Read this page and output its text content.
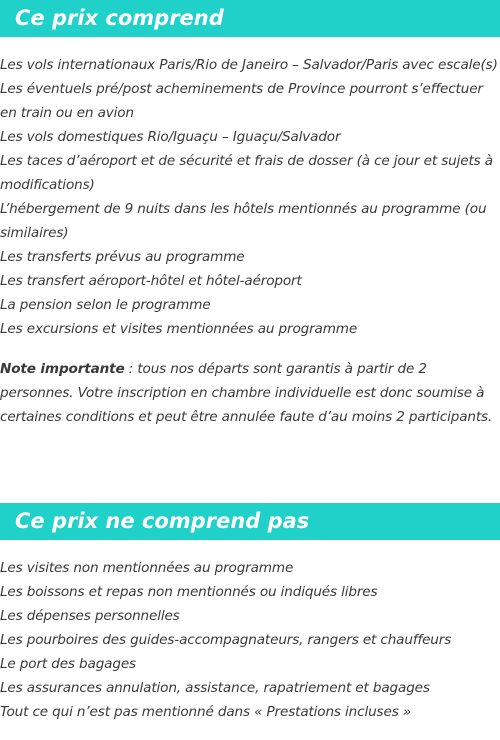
Ce prix comprend
Les vols internationaux Paris/Rio de Janeiro – Salvador/Paris avec escale(s)
Les éventuels pré/post acheminements de Province pourront s’effectuer en train ou en avion
Les vols domestiques Rio/Iguaçu – Iguaçu/Salvador
Les taces d’aéroport et de sécurité et frais de dosser (à ce jour et sujets à modifications)
L’hébergement de 9 nuits dans les hôtels mentionnés au programme (ou similaires)
Les transferts prévus au programme
Les transfert aéroport-hôtel et hôtel-aéroport
La pension selon le programme
Les excursions et visites mentionnées au programme

Note importante : tous nos départs sont garantis à partir de 2 personnes. Votre inscription en chambre individuelle est donc soumise à certaines conditions et peut être annulée faute d’au moins 2 participants.

Ce prix ne comprend pas
Les visites non mentionnées au programme
Les boissons et repas non mentionnés ou indiqués libres
Les dépenses personnelles
Les pourboires des guides-accompagnateurs, rangers et chauffeurs
Le port des bagages
Les assurances annulation, assistance, rapatriement et bagages
Tout ce qui n’est pas mentionné dans « Prestations incluses »
